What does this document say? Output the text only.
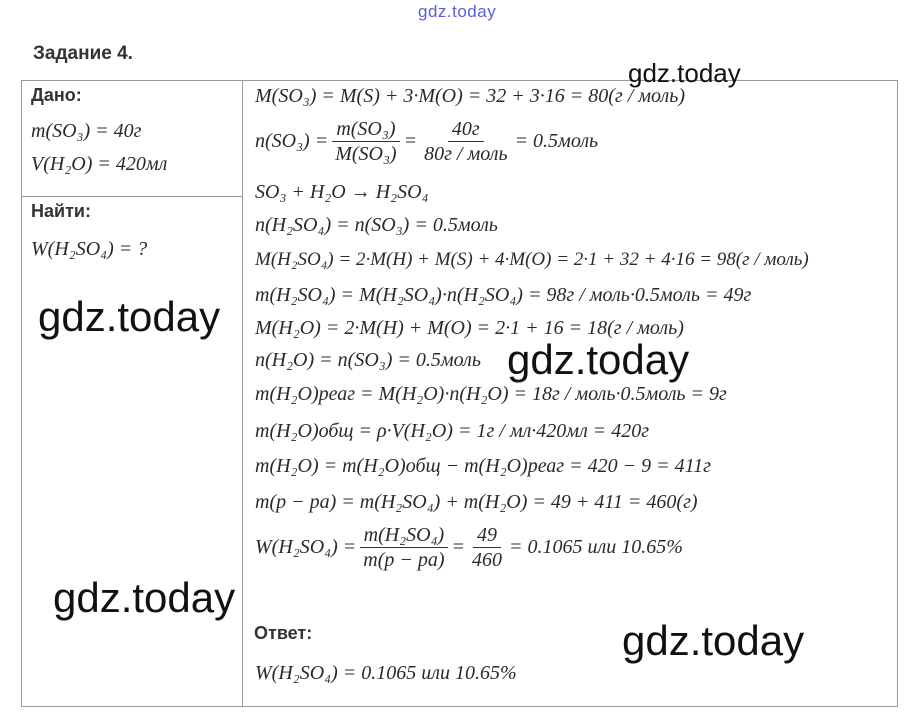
gdz.today
Задание 4.
Дано:
m(SO₃) = 40г
V(H₂O) = 420мл
Найти:
W(H₂SO₄) = ?
M(SO₃) = M(S) + 3·M(O) = 32 + 3·16 = 80(г / моль)
$n(SO_3) = \frac{\text{m(SO₃)}}{\text{M(SO₃)}} = \frac{40г}{\text{80г / моль}}$ = 0.5моль
SO₃ + H₂O → H₂SO₄
n(H₂SO₄) = n(SO₃) = 0.5моль
M(H₂SO₄) = 2·M(H) + M(S) + 4·M(O) = 2·1 + 32 + 4·16 = 98(г / моль)
m(H₂SO₄) = M(H₂SO₄)·n(H₂SO₄) = 98г / моль·0.5моль = 49г
M(H₂O) = 2·M(H) + M(O) = 2·1 + 16 = 18(г / моль)
n(H₂O) = n(SO₃) = 0.5моль
m(H₂O)реаг = M(H₂O)·n(H₂O) = 18г / моль·0.5моль = 9г
m(H₂O)общ = ρ·V(H₂O) = 1г / мл·420мл = 420г
m(H₂O) = m(H₂O)общ − m(H₂O)реаг = 420 − 9 = 411г
m(p − pa) = m(H₂SO₄) + m(H₂O) = 49 + 411 = 460(г)
$W(H_2SO_4) = \frac{\text{m(H₂SO₄)}}{m(p - pa)} = \frac{49}{460} = 0.1065$ или 10.65%
Ответ:
W(H₂SO₄) = 0.1065 или 10.65%
gdz.today
gdz.today
gdz.today
gdz.today
gdz.today
